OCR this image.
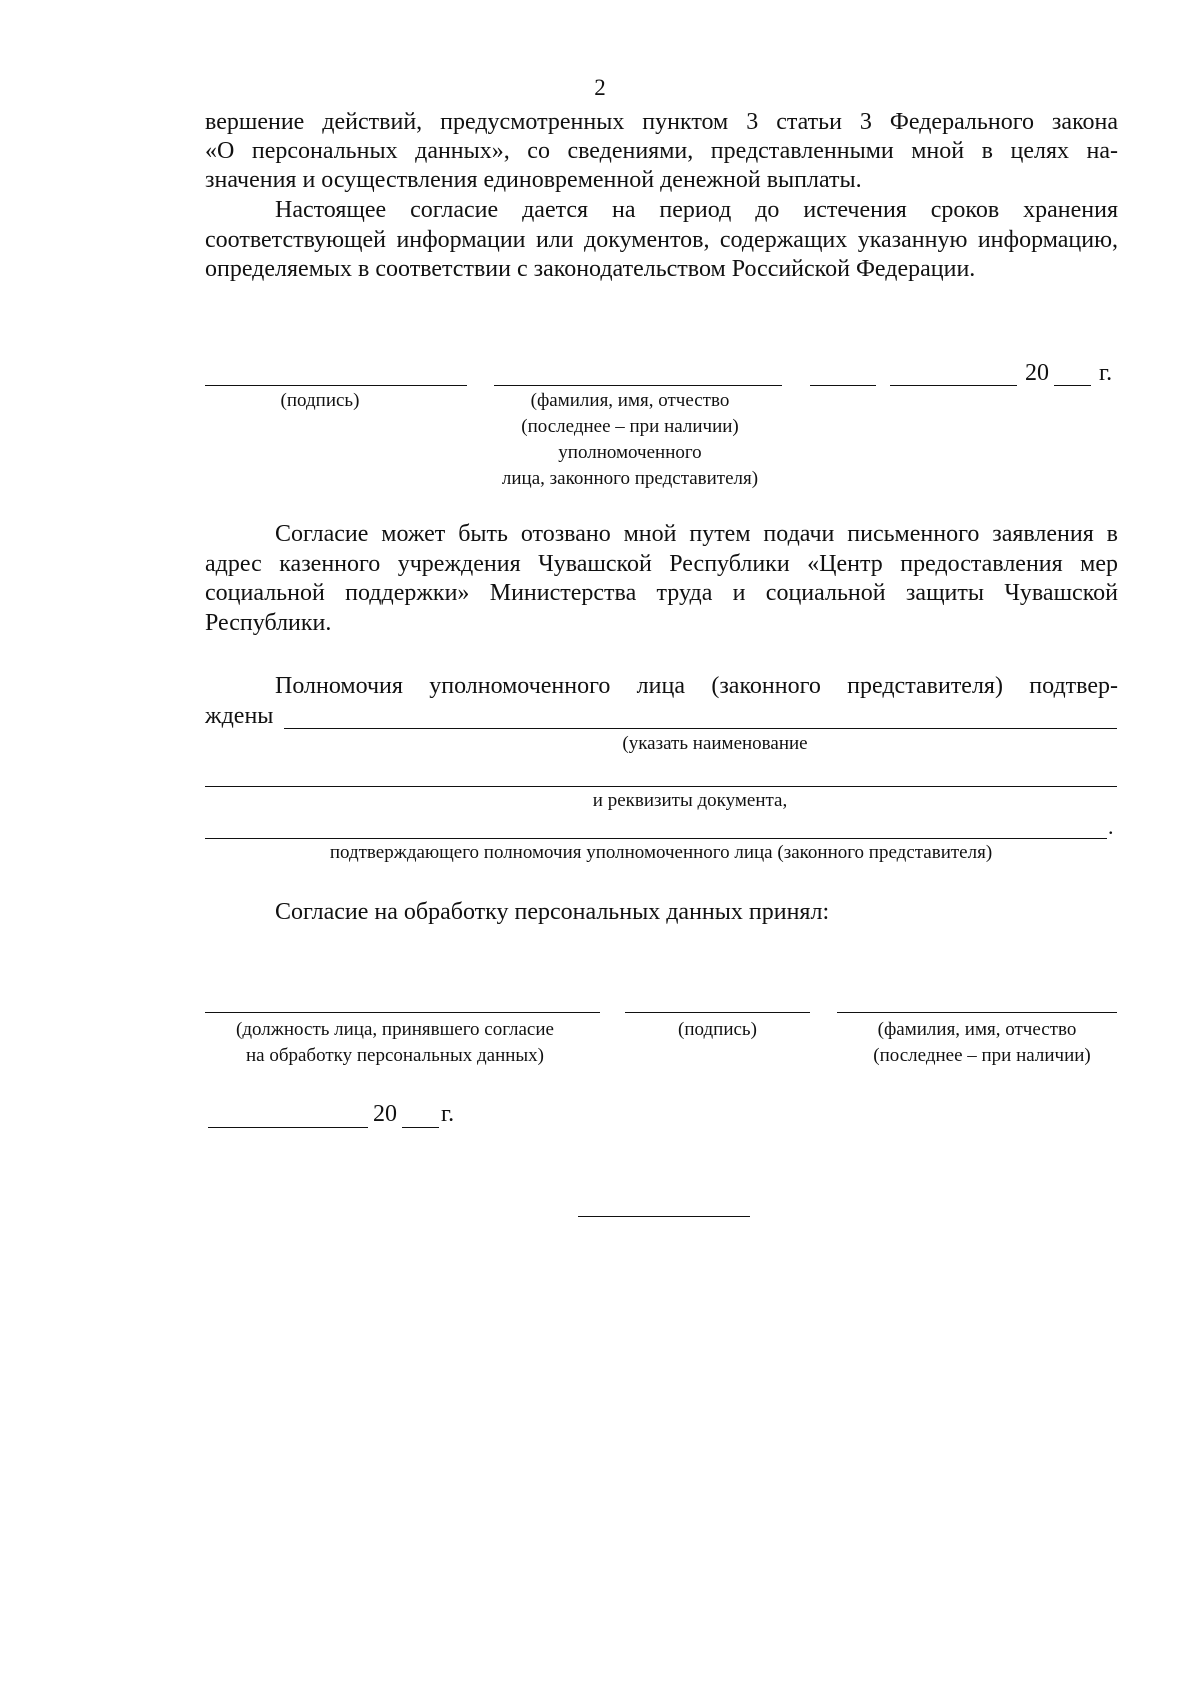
2
вершение действий, предусмотренных пунктом 3 статьи 3 Федерального закона
«О персональных данных», со сведениями, представленными мной в целях на-
значения и осуществления единовременной денежной выплаты.
Настоящее согласие дается на период до истечения сроков хранения соответствующей информации или документов, содержащих указанную информацию, определяемых в соответствии с законодательством Российской Федерации.
20 г.
(подпись)	(фамилия, имя, отчество
(последнее – при наличии)
уполномоченного
лица, законного представителя)
Согласие может быть отозвано мной путем подачи письменного заявления в адрес казенного учреждения Чувашской Республики «Центр предоставления мер социальной поддержки» Министерства труда и социальной защиты Чувашской Республики.
Полномочия уполномоченного лица (законного представителя) подтвер-
ждены
(указать наименование
и реквизиты документа,
.
подтверждающего полномочия уполномоченного лица (законного представителя)
Согласие на обработку персональных данных принял:
(должность лица, принявшего согласие
на обработку персональных данных)
(подпись)	(фамилия, имя, отчество
(последнее – при наличии)
20 г.
